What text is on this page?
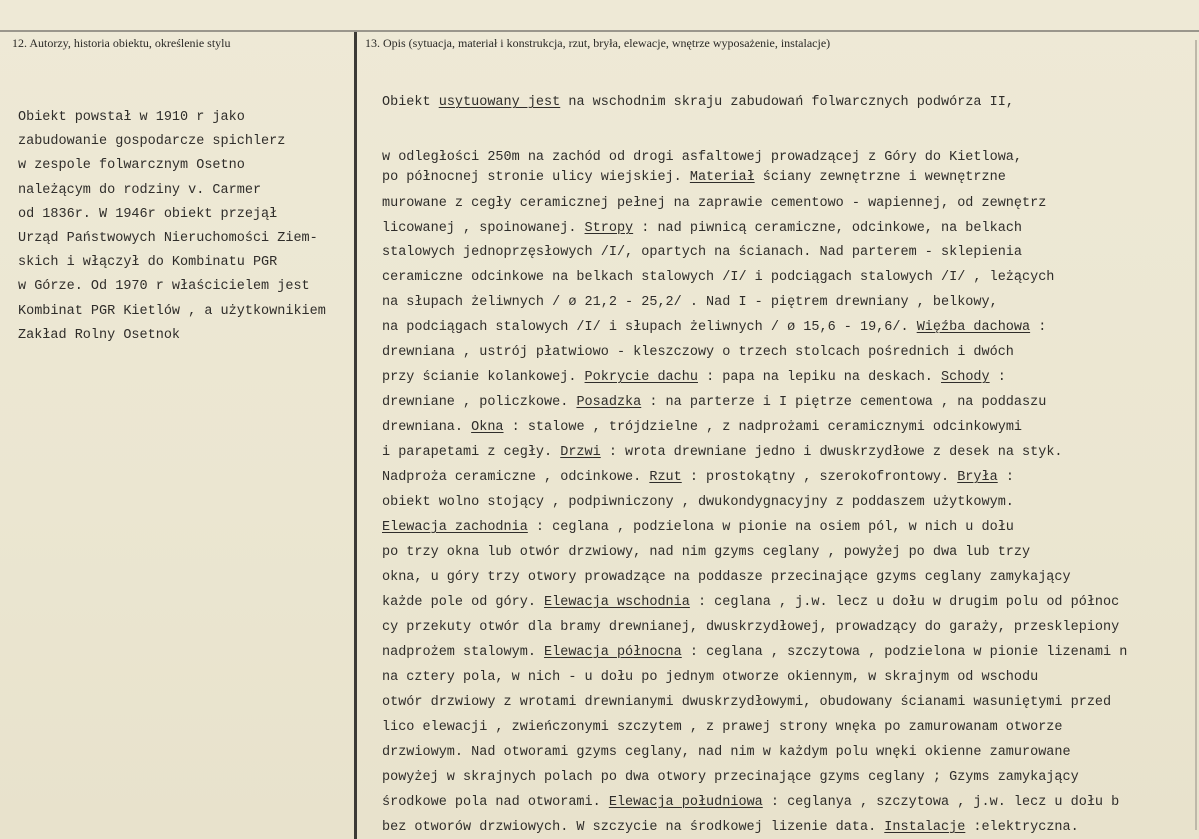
12. Autorzy, historia obiektu, określenie stylu	13. Opis (sytuacja, materiał i konstrukcja, rzut, bryła, elewacje, wnętrze wyposażenie, instalacje)
Obiekt powstał w 1910 r jako
zabudowanie gospodarcze spichlerz
w zespole folwarcznym Osetno
należącym do rodziny v. Carmer
od 1836r. W 1946r obiekt przejął
Urząd Państwowych Nieruchomości Ziem-
skich i włączył do Kombinatu PGR
w Górze. Od 1970 r właścicielem jest
Kombinat PGR Kietlów , a użytkownikiem
Zakład Rolny Osetnok
Obiekt usytuowany jest na wschodnim skraju zabudowań folwarcznych podwórza II,
w odległości 250m na zachód od drogi asfaltowej prowadzącej z Góry do Kietlowa,
po północnej stronie ulicy wiejskiej. Materiał ściany zewnętrzne i wewnętrzne
murowane z cegły ceramicznej pełnej na zaprawie cementowo - wapiennej, od zewnętrz
licowanej , spoinowanej. Stropy : nad piwnicą ceramiczne, odcinkowe, na belkach
stalowych jednoprzęsłowych /I/, opartych na ścianach. Nad parterem - sklepienia
ceramiczne odcinkowe na belkach stalowych /I/ i podciągach stalowych /I/ , leżących
na słupach żeliwnych / ø 21,2 - 25,2/ . Nad I - piętrem drewniany , belkowy,
na podciągach stalowych /I/ i słupach żeliwnych / ø 15,6 - 19,6/. Więźba dachowa :
drewniana , ustrój płatwiowo - kleszczowy o trzech stolcach pośrednich i dwóch
przy ścianie kolankowej. Pokrycie dachu : papa na lepiku na deskach. Schody :
drewniane , policzkowe. Posadzka : na parterze i I piętrze cementowa , na poddaszu
drewniana. Okna : stalowe , trójdzielne , z nadprożami ceramicznymi odcinkowymi
i parapetami z cegły. Drzwi : wrota drewniane jedno i dwuskrzydłowe z desek na styk.
Nadproża ceramiczne , odcinkowe. Rzut : prostokątny , szerokofrontowy. Bryła :
obiekt wolno stojący , podpiwniczony , dwukondygnacyjny z poddaszem użytkowym.
Elewacja zachodnia : ceglana , podzielona w pionie na osiem pól, w nich u dołu
po trzy okna lub otwór drzwiowy, nad nim gzyms ceglany , powyżej po dwa lub trzy
okna, u góry trzy otwory prowadzące na poddasze przecinające gzyms ceglany zamykający
każde pole od góry. Elewacja wschodnia : ceglana , j.w. lecz u dołu w drugim polu od północ
cy przekuty otwór dla bramy drewnianej, dwuskrzydłowej, prowadzący do garaży, przesklepiony
nadprożem stalowym. Elewacja północna : ceglana , szczytowa , podzielona w pionie lizenami n
na cztery pola, w nich - u dołu po jednym otworze okiennym, w skrajnym od wschodu
otwór drzwiowy z wrotami drewnianymi dwuskrzydłowymi, obudowany ścianami wasuniętymi przed
lico elewacji , zwieńczonymi szczytem , z prawej strony wnęka po zamurowanam otworze
drzwiowym. Nad otworami gzyms ceglany, nad nim w każdym polu wnęki okienne zamurowane
powyżej w skrajnych polach po dwa otwory przecinające gzyms ceglany ; Gzyms zamykający
środkowe pola nad otworami. Elewacja południowa : ceglanya , szczytowa , j.w. lecz u dołu b
bez otworów drzwiowych. W szczycie na środkowej lizenie data. Instalacje :elektryczna.
